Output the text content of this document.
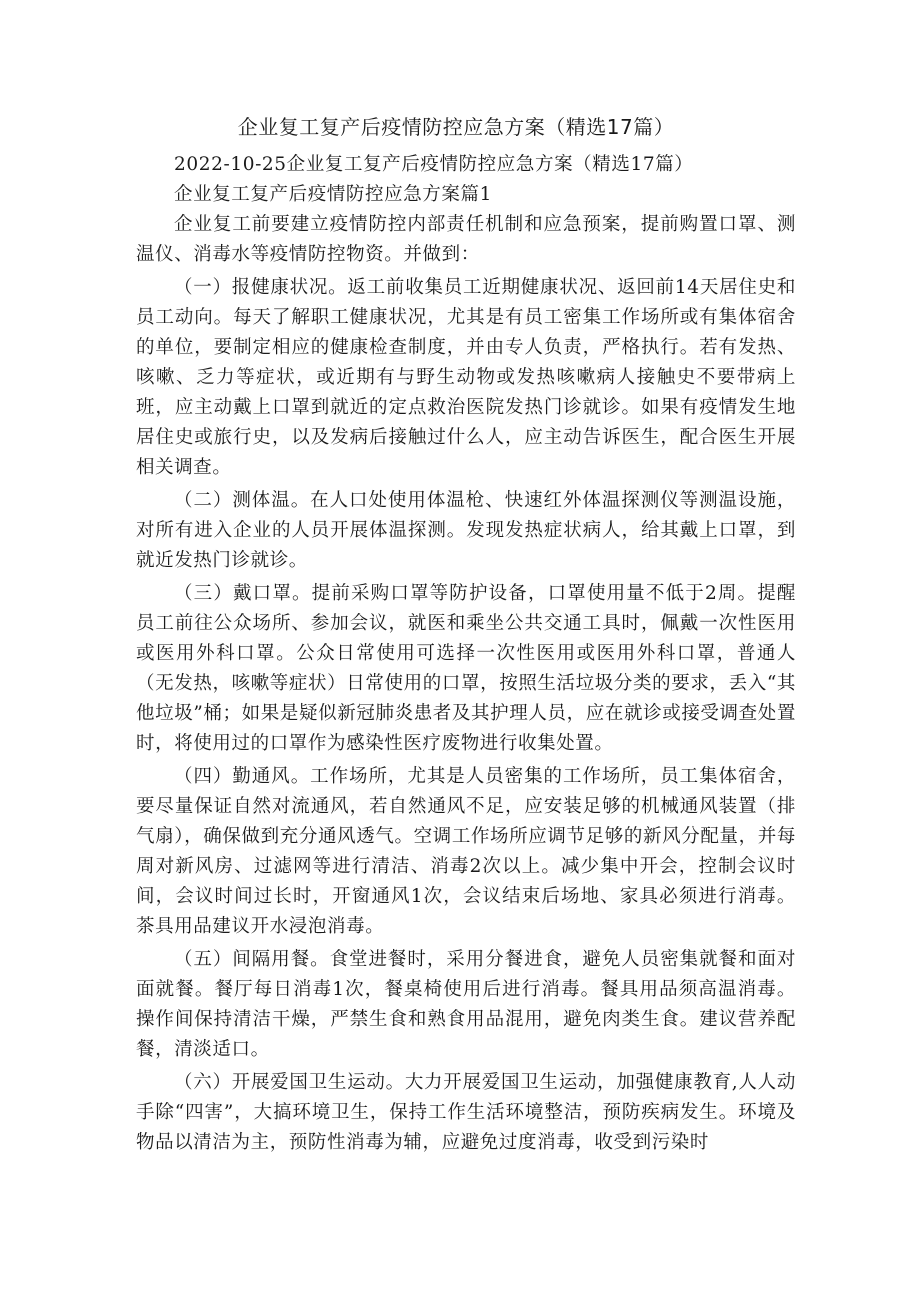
企业复工复产后疫情防控应急方案（精选17篇）

2022-10-25企业复工复产后疫情防控应急方案（精选17篇）

企业复工复产后疫情防控应急方案篇1

企业复工前要建立疫情防控内部责任机制和应急预案，提前购置口罩、测温仪、消毒水等疫情防控物资。并做到：

（一）报健康状况。返工前收集员工近期健康状况、返回前14天居住史和员工动向。每天了解职工健康状况，尤其是有员工密集工作场所或有集体宿舍的单位，要制定相应的健康检查制度，并由专人负责，严格执行。若有发热、咳嗽、乏力等症状，或近期有与野生动物或发热咳嗽病人接触史不要带病上班，应主动戴上口罩到就近的定点救治医院发热门诊就诊。如果有疫情发生地居住史或旅行史，以及发病后接触过什么人，应主动告诉医生，配合医生开展相关调查。

（二）测体温。在人口处使用体温枪、快速红外体温探测仪等测温设施，对所有进入企业的人员开展体温探测。发现发热症状病人，给其戴上口罩，到就近发热门诊就诊。

（三）戴口罩。提前采购口罩等防护设备，口罩使用量不低于2周。提醒员工前往公众场所、参加会议，就医和乘坐公共交通工具时，佩戴一次性医用或医用外科口罩。公众日常使用可选择一次性医用或医用外科口罩，普通人（无发热，咳嗽等症状）日常使用的口罩，按照生活垃圾分类的要求，丢入“其他垃圾”桶；如果是疑似新冠肺炎患者及其护理人员，应在就诊或接受调查处置时，将使用过的口罩作为感染性医疗废物进行收集处置。

（四）勤通风。工作场所，尤其是人员密集的工作场所，员工集体宿舍，要尽量保证自然对流通风，若自然通风不足，应安装足够的机械通风装置（排气扇），确保做到充分通风透气。空调工作场所应调节足够的新风分配量，并每周对新风房、过滤网等进行清洁、消毒2次以上。减少集中开会，控制会议时间，会议时间过长时，开窗通风1次，会议结束后场地、家具必须进行消毒。茶具用品建议开水浸泡消毒。

（五）间隔用餐。食堂进餐时，采用分餐进食，避免人员密集就餐和面对面就餐。餐厅每日消毒1次，餐桌椅使用后进行消毒。餐具用品须高温消毒。操作间保持清洁干燥，严禁生食和熟食用品混用，避免肉类生食。建议营养配餐，清淡适口。

（六）开展爱国卫生运动。大力开展爱国卫生运动，加强健康教育,人人动手除“四害”，大搞环境卫生，保持工作生活环境整洁，预防疾病发生。环境及物品以清洁为主，预防性消毒为辅，应避免过度消毒，收受到污染时
